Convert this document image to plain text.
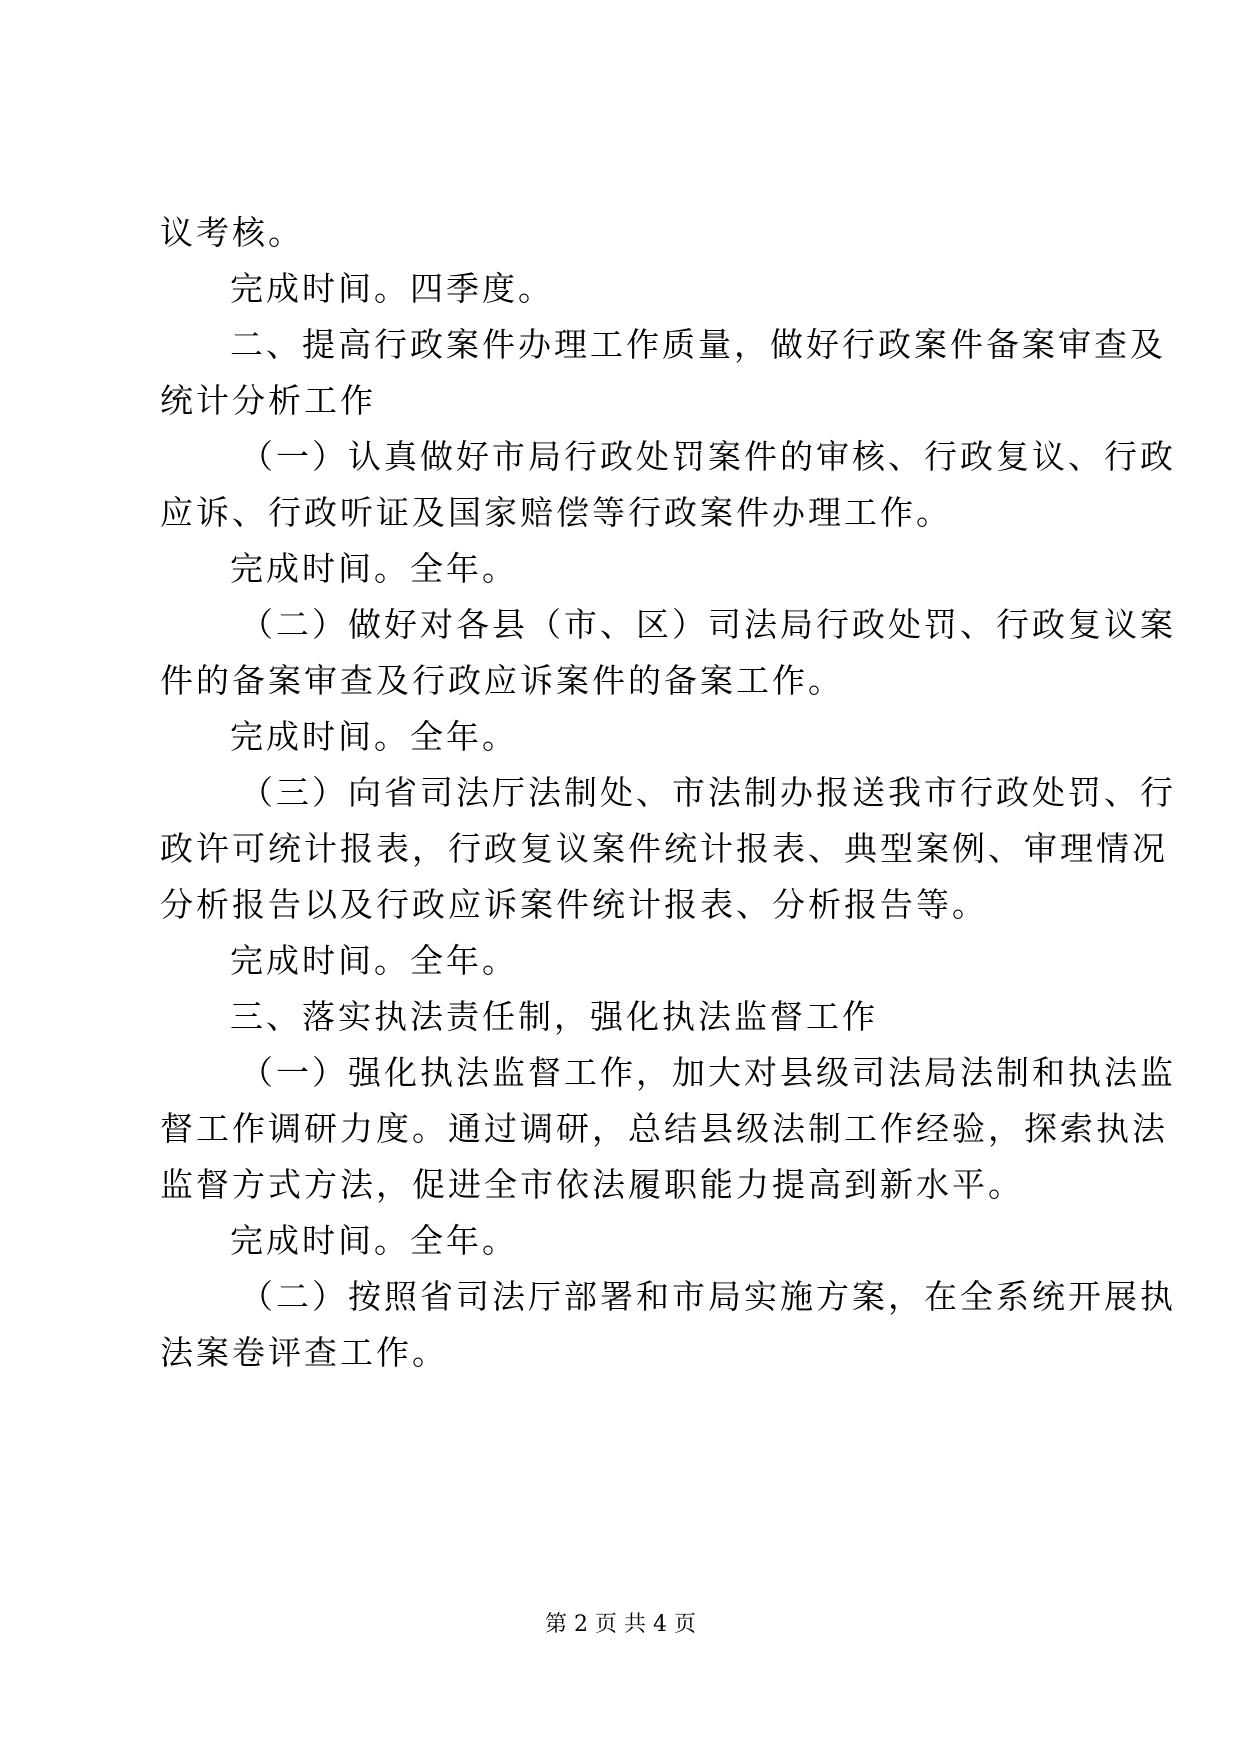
议考核。
完成时间。四季度。
二、提高行政案件办理工作质量，做好行政案件备案审查及
统计分析工作
（一）认真做好市局行政处罚案件的审核、行政复议、行政
应诉、行政听证及国家赔偿等行政案件办理工作。
完成时间。全年。
（二）做好对各县（市、区）司法局行政处罚、行政复议案
件的备案审查及行政应诉案件的备案工作。
完成时间。全年。
（三）向省司法厅法制处、市法制办报送我市行政处罚、行
政许可统计报表，行政复议案件统计报表、典型案例、审理情况
分析报告以及行政应诉案件统计报表、分析报告等。
完成时间。全年。
三、落实执法责任制，强化执法监督工作
（一）强化执法监督工作，加大对县级司法局法制和执法监
督工作调研力度。通过调研，总结县级法制工作经验，探索执法
监督方式方法，促进全市依法履职能力提高到新水平。
完成时间。全年。
（二）按照省司法厅部署和市局实施方案，在全系统开展执
法案卷评查工作。
第 2 页 共 4 页
